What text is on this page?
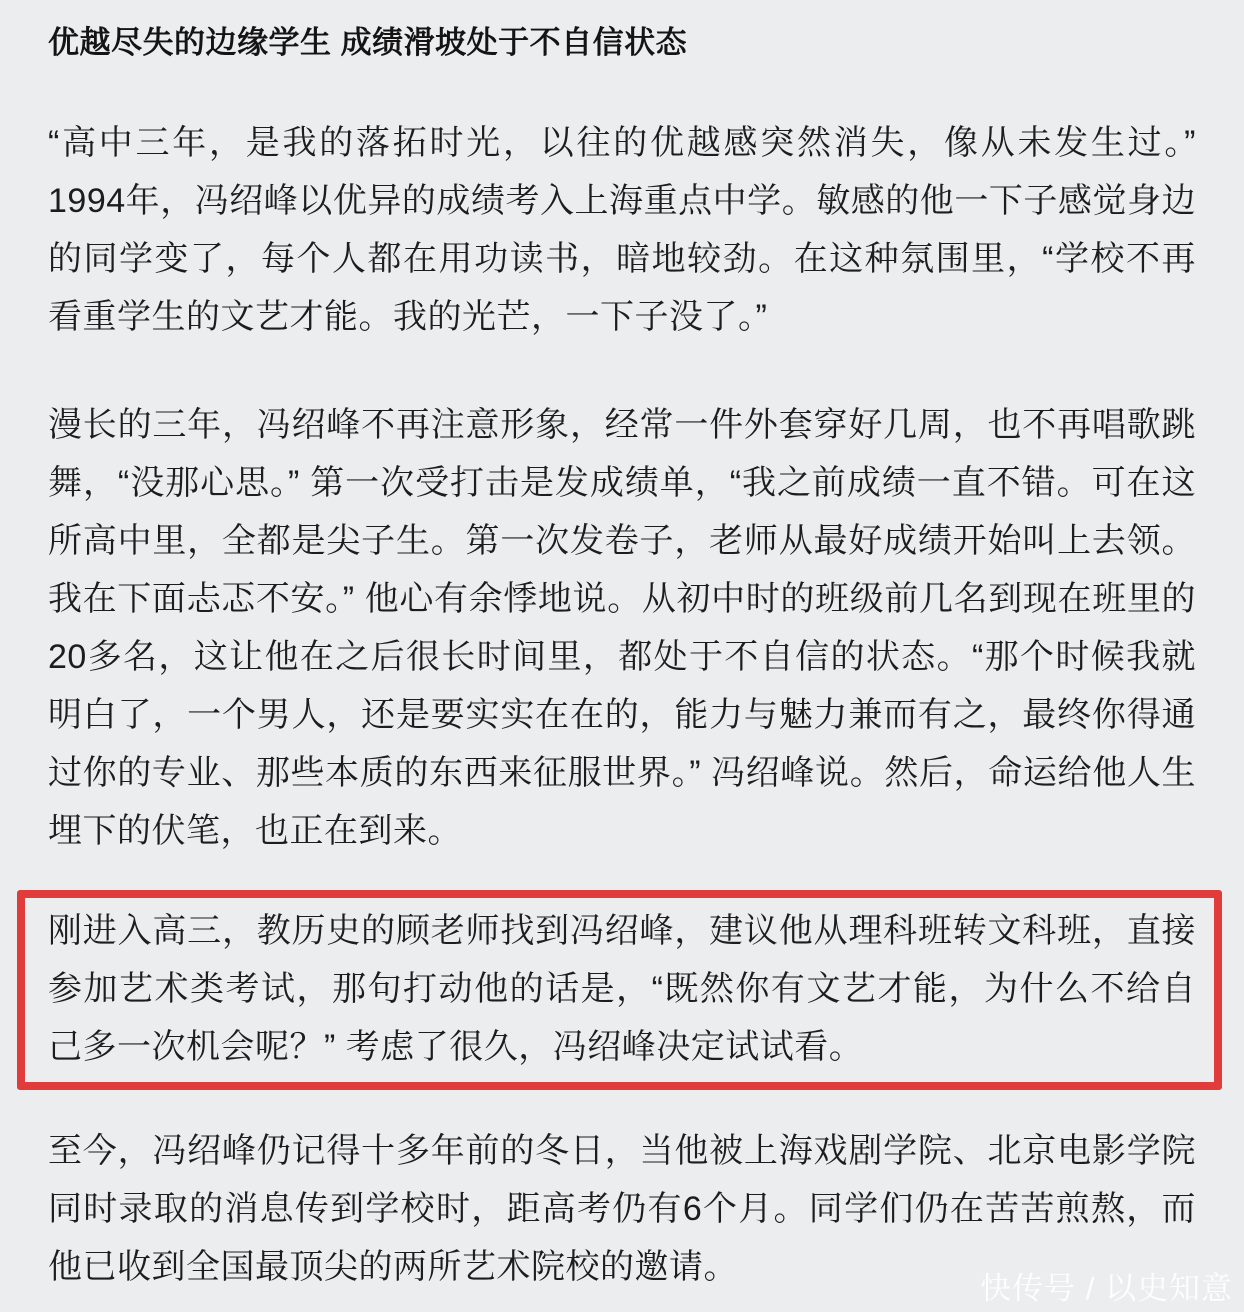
优越尽失的边缘学生 成绩滑坡处于不自信状态

“高中三年，是我的落拓时光，以往的优越感突然消失，像从未发生过。” 1994年，冯绍峰以优异的成绩考入上海重点中学。敏感的他一下子感觉身边的同学变了，每个人都在用功读书，暗地较劲。在这种氛围里，“学校不再看重学生的文艺才能。我的光芒，一下子没了。”

漫长的三年，冯绍峰不再注意形象，经常一件外套穿好几周，也不再唱歌跳舞，“没那心思。” 第一次受打击是发成绩单，“我之前成绩一直不错。可在这所高中里，全都是尖子生。第一次发卷子，老师从最好成绩开始叫上去领。我在下面忐忑不安。” 他心有余悸地说。从初中时的班级前几名到现在班里的20多名，这让他在之后很长时间里，都处于不自信的状态。“那个时候我就明白了，一个男人，还是要实实在在的，能力与魅力兼而有之，最终你得通过你的专业、那些本质的东西来征服世界。” 冯绍峰说。然后，命运给他人生埋下的伏笔，也正在到来。

刚进入高三，教历史的顾老师找到冯绍峰，建议他从理科班转文科班，直接参加艺术类考试，那句打动他的话是，“既然你有文艺才能，为什么不给自己多一次机会呢？” 考虑了很久，冯绍峰决定试试看。

至今，冯绍峰仍记得十多年前的冬日，当他被上海戏剧学院、北京电影学院同时录取的消息传到学校时，距高考仍有6个月。同学们仍在苦苦煎熬，而他已收到全国最顶尖的两所艺术院校的邀请。

快传号 / 以史知意
